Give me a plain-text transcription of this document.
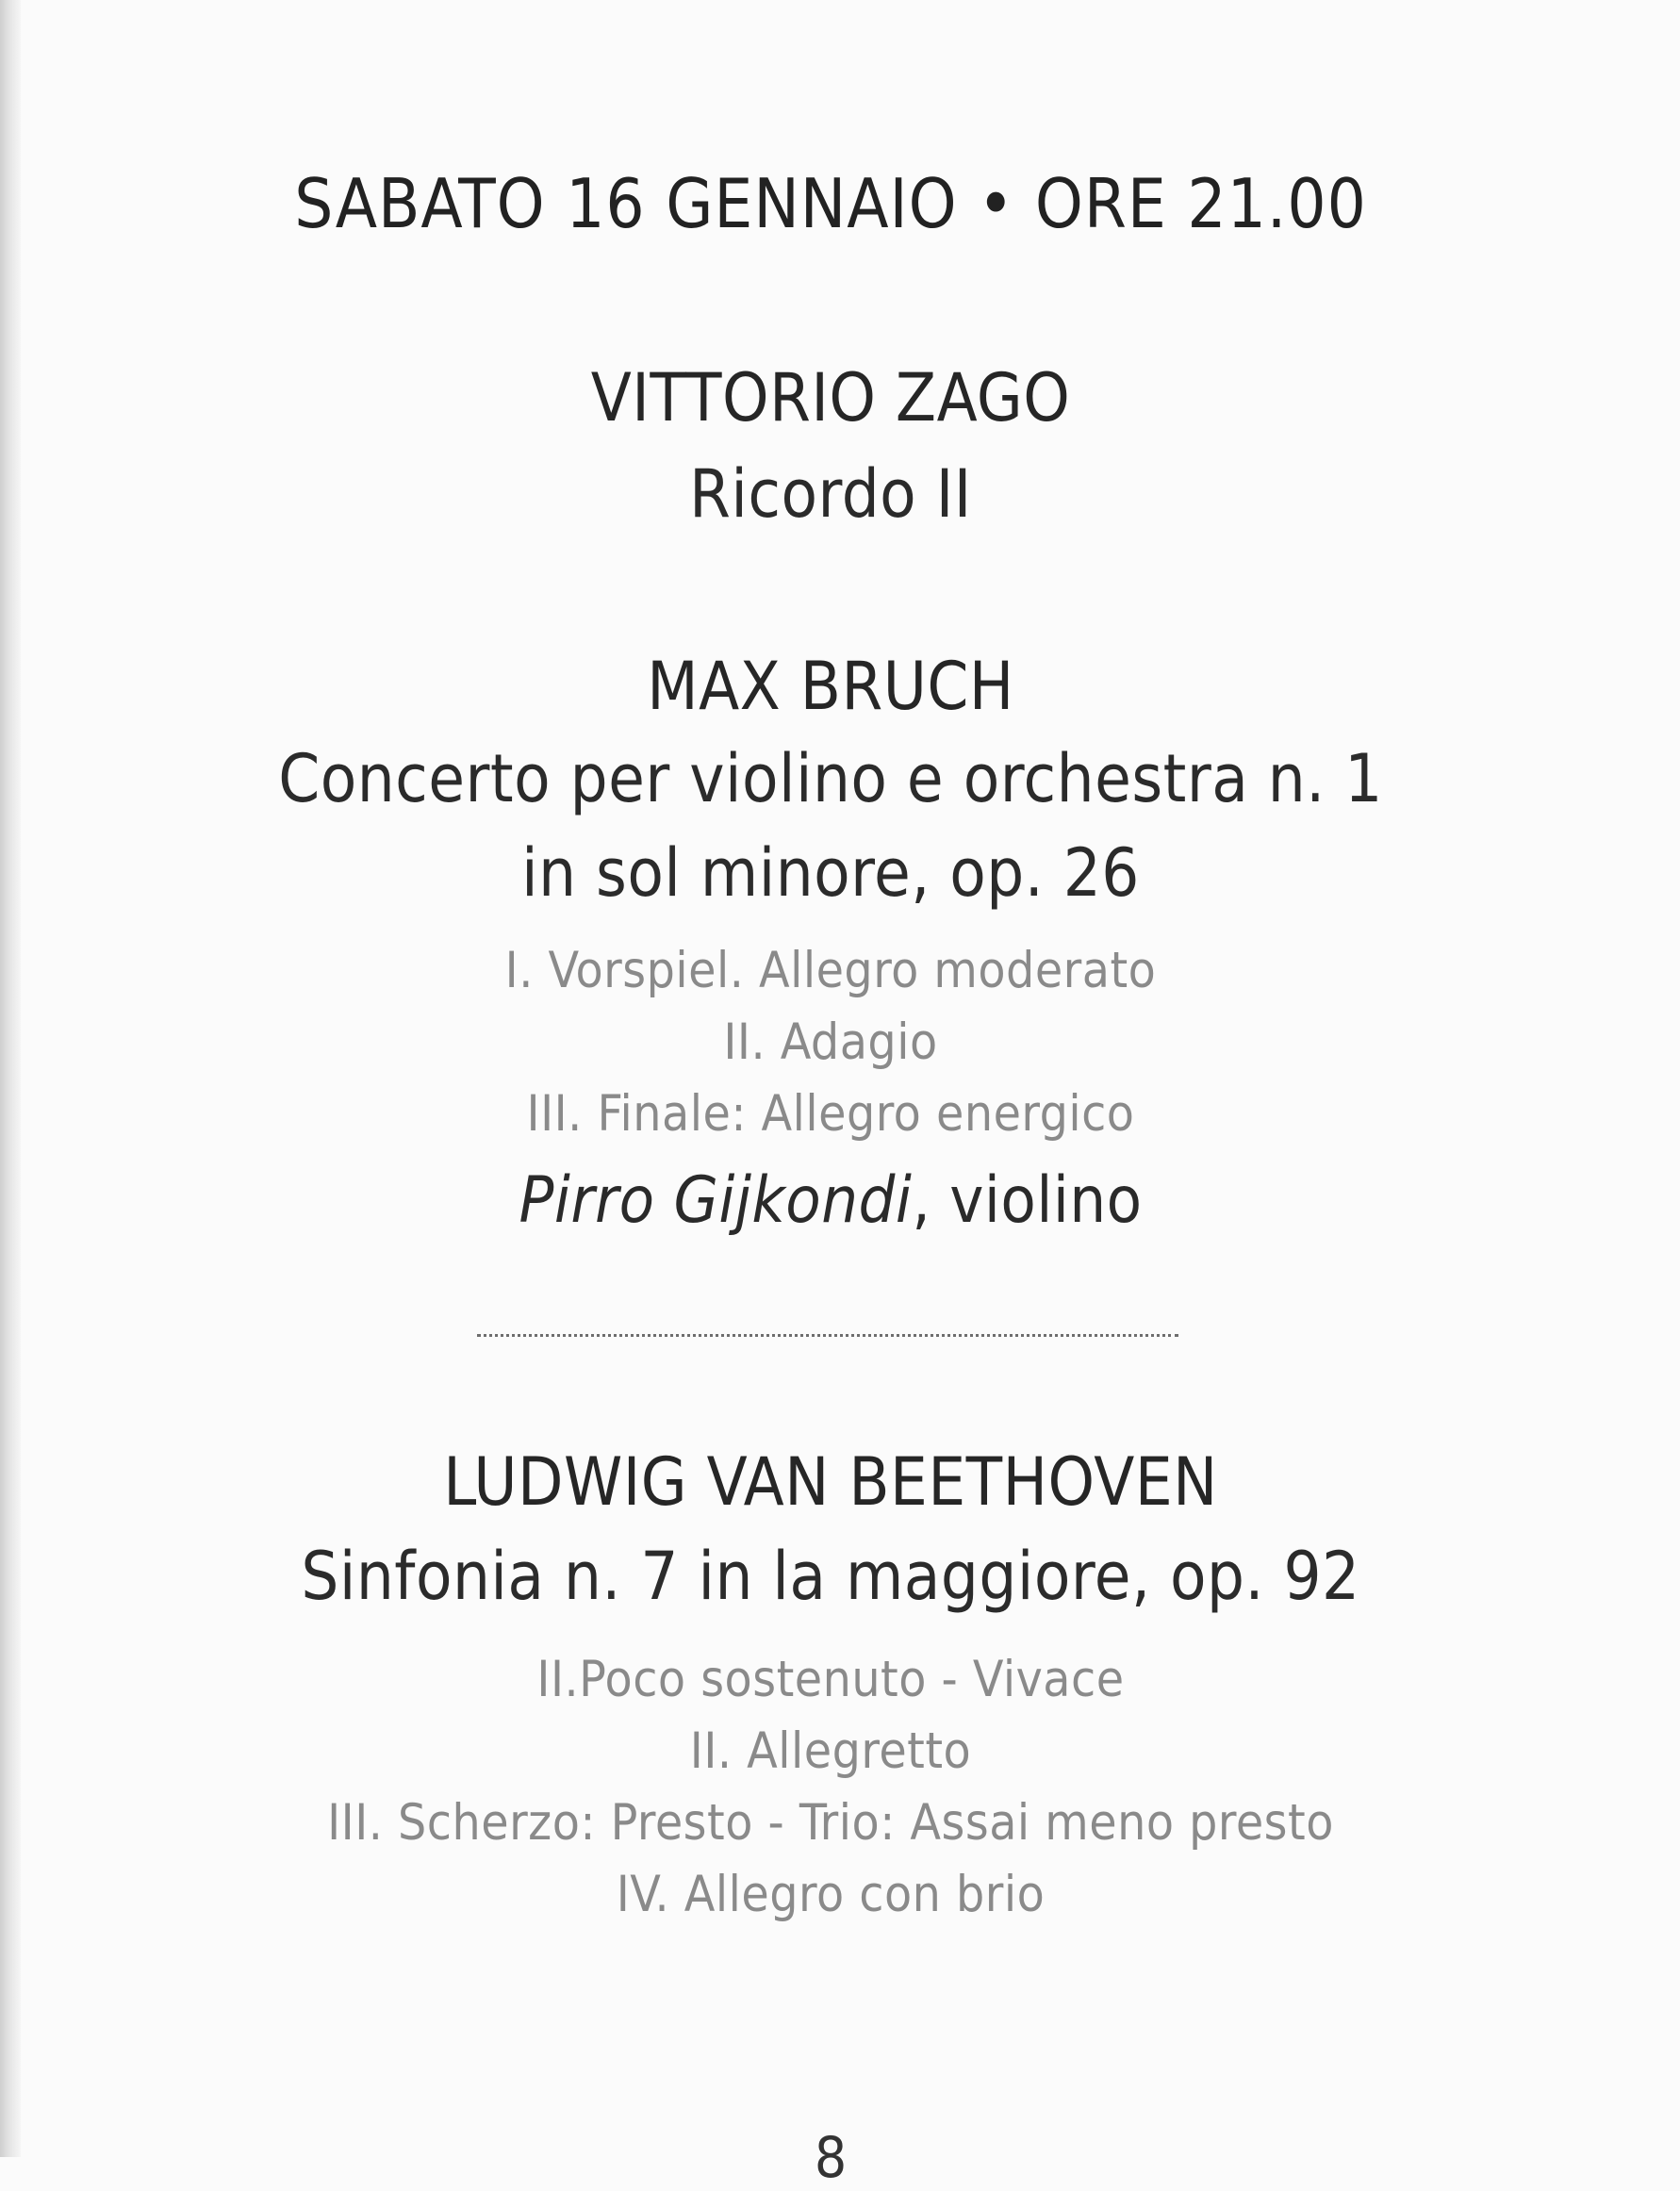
SABATO 16 GENNAIO • ORE 21.00
VITTORIO ZAGO
Ricordo II
MAX BRUCH
Concerto per violino e orchestra n. 1
in sol minore, op. 26
I. Vorspiel. Allegro moderato
II. Adagio
III. Finale: Allegro energico
Pirro Gijkondi, violino
LUDWIG VAN BEETHOVEN
Sinfonia n. 7 in la maggiore, op. 92
II.Poco sostenuto - Vivace
II. Allegretto
III. Scherzo: Presto - Trio: Assai meno presto
IV. Allegro con brio
8
